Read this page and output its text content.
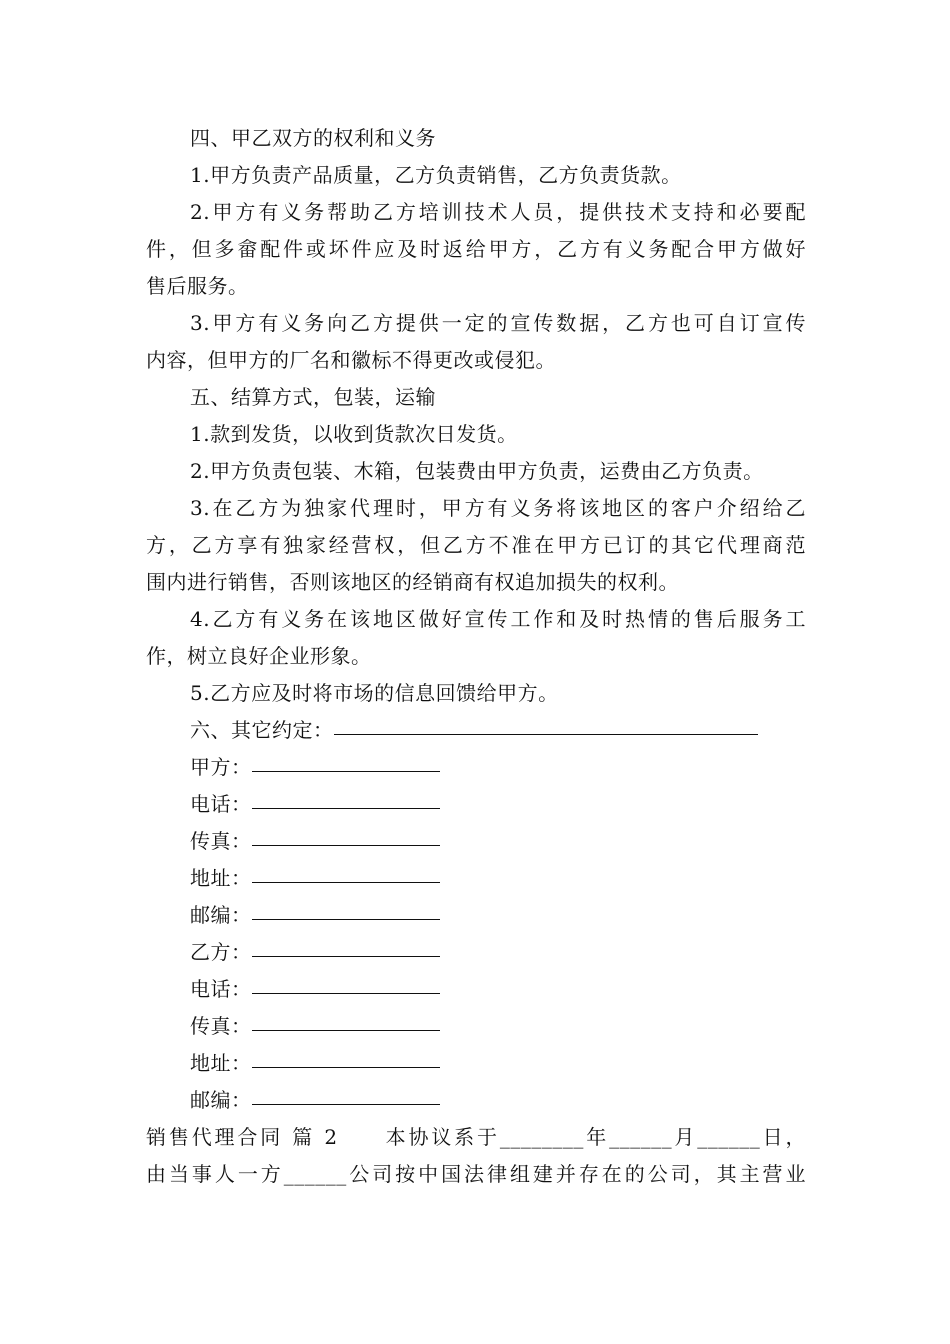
四、甲乙双方的权利和义务
1.甲方负责产品质量，乙方负责销售，乙方负责货款。
2.甲方有义务帮助乙方培训技术人员，提供技术支持和必要配
件，但多畲配件或坏件应及时返给甲方，乙方有义务配合甲方做好
售后服务。
3.甲方有义务向乙方提供一定的宣传数据，乙方也可自订宣传
内容，但甲方的厂名和徽标不得更改或侵犯。
五、结算方式，包装，运输
1.款到发货，以收到货款次日发货。
2.甲方负责包装、木箱，包装费由甲方负责，运费由乙方负责。
3.在乙方为独家代理时，甲方有义务将该地区的客户介绍给乙
方，乙方享有独家经营权，但乙方不准在甲方已订的其它代理商范
围内进行销售，否则该地区的经销商有权追加损失的权利。
4.乙方有义务在该地区做好宣传工作和及时热情的售后服务工
作，树立良好企业形象。
5.乙方应及时将市场的信息回馈给甲方。
六、其它约定：
甲方：
电话：
传真：
地址：
邮编：
乙方：
电话：
传真：
地址：
邮编：
销售代理合同 篇 2　　本协议系于________年______月______日，
由当事人一方______公司按中国法律组建并存在的公司，其主营业
